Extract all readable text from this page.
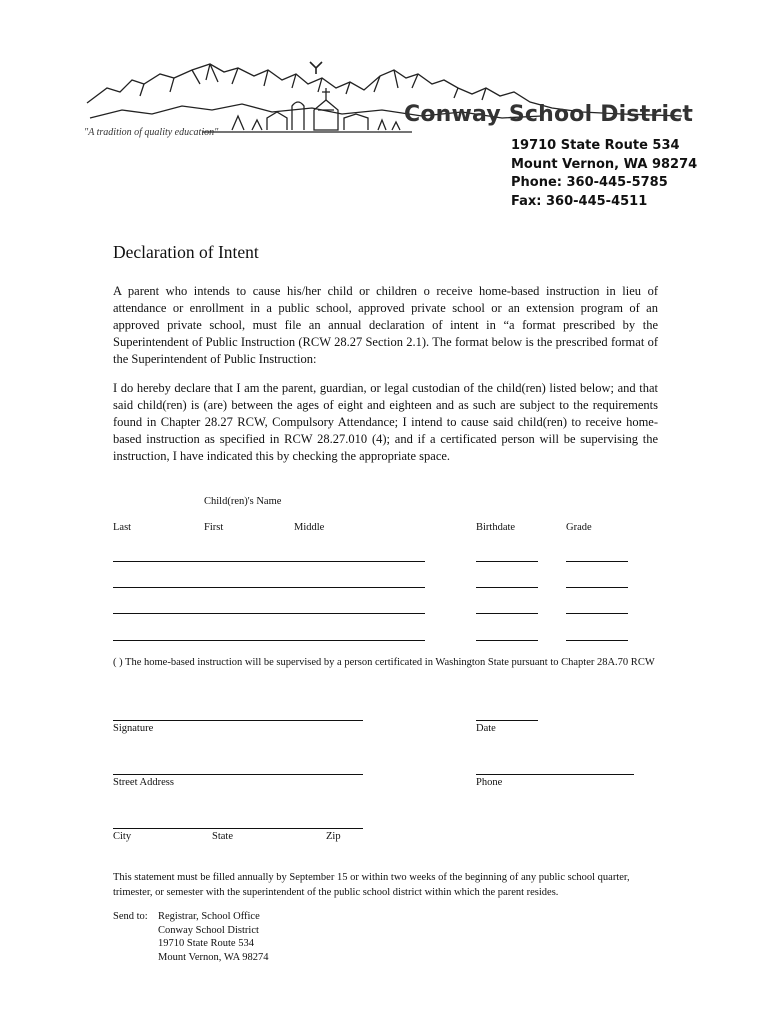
Conway School District
"A tradition of quality education"
19710 State Route 534
Mount Vernon, WA 98274
Phone: 360-445-5785
Fax: 360-445-4511
Declaration of Intent
A parent who intends to cause his/her child or children o receive home-based instruction in lieu of attendance or enrollment in a public school, approved private school or an extension program of an approved private school, must file an annual declaration of intent in “a format prescribed by the Superintendent of Public Instruction (RCW 28.27 Section 2.1). The format below is the prescribed format of the Superintendent of Public Instruction:
I do hereby declare that I am the parent, guardian, or legal custodian of the child(ren) listed below; and that said child(ren) is (are) between the ages of eight and eighteen and as such are subject to the requirements found in Chapter 28.27 RCW, Compulsory Attendance; I intend to cause said child(ren) to receive home-based instruction as specified in RCW 28.27.010 (4); and if a certificated person will be supervising the instruction, I have indicated this by checking the appropriate space.
Child(ren)'s Name
Last	First	Middle	Birthdate	Grade
( ) The home-based instruction will be supervised by a person certificated in Washington State pursuant to Chapter 28A.70 RCW
Signature	Date
Street Address	Phone
City	State	Zip
This statement must be filled annually by September 15 or within two weeks of the beginning of any public school quarter, trimester, or semester with the superintendent of the public school district within which the parent resides.
Send to: Registrar, School Office
Conway School District
19710 State Route 534
Mount Vernon, WA 98274
